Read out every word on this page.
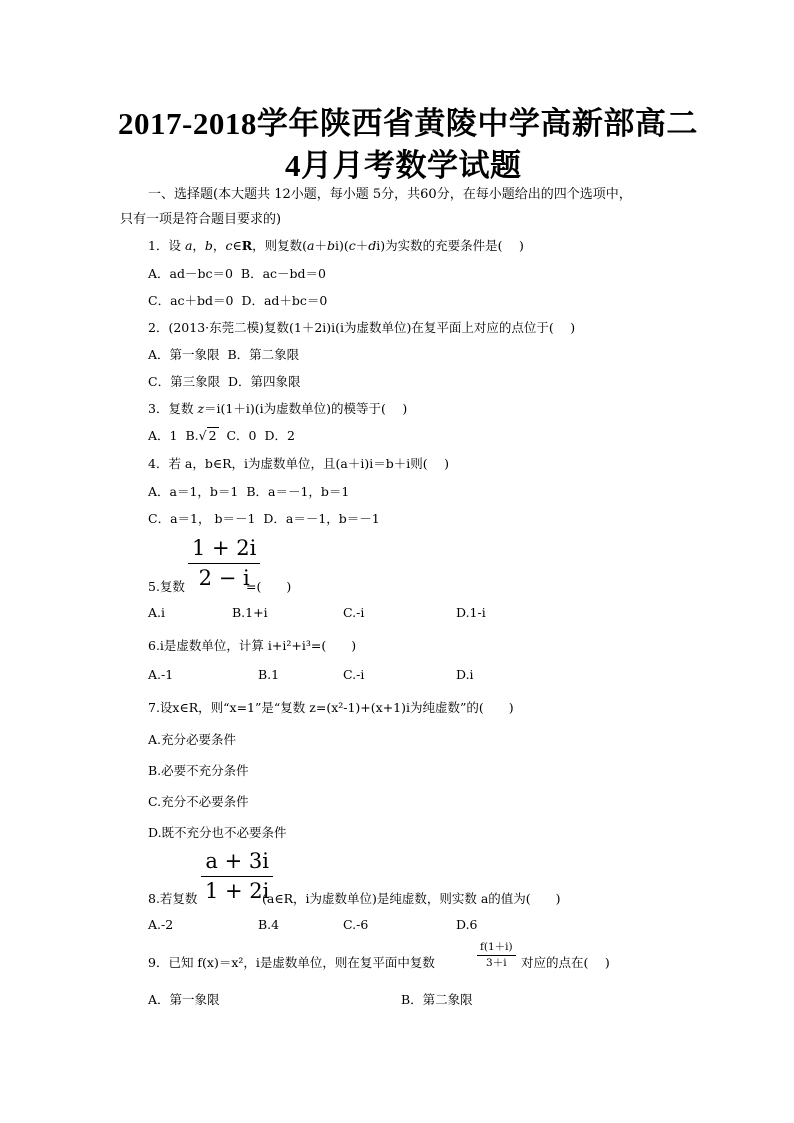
2017-2018学年陕西省黄陵中学高新部高二
4月月考数学试题
一、选择题(本大题共 12小题，每小题 5分，共60分，在每小题给出的四个选项中，
只有一项是符合题目要求的)
1．设 a，b，c∈R，则复数(a＋bi)(c＋di)为实数的充要条件是(　 )
A．ad－bc＝0 B．ac－bd＝0
C．ac＋bd＝0 D．ad＋bc＝0
2．(2013·东莞二模)复数(1＋2i)i(i为虚数单位)在复平面上对应的点位于(　 )
A．第一象限 B．第二象限
C．第三象限 D．第四象限
3．复数 z＝i(1＋i)(i为虚数单位)的模等于(　 )
A．1 B.√ 2 C．0 D．2
4．若 a，b∈R，i为虚数单位，且(a＋i)i＝b＋i则(　 )
A．a＝1，b＝1 B．a＝－1，b＝1
C．a＝1， b＝－1 D．a＝－1，b＝－1
$\frac{1 + 2i}{2 - i}$
5.复数	=(　　)
A.i	B.1+i	C.-i	D.1-i
6.i是虚数单位，计算 i+i²+i³=(　　)
A.-1	B.1	C.-i	D.i
7.设x∈R，则“x=1”是“复数 z=(x²-1)+(x+1)i为纯虚数”的(　　)
A.充分必要条件
B.必要不充分条件
C.充分不必要条件
D.既不充分也不必要条件
$\frac{a + 3i}{1 + 2i}$
8.若复数	(a∈R，i为虚数单位)是纯虚数，则实数 a的值为(　　)
A.-2	B.4	C.-6	D.6
9．已知 f(x)＝x²，i是虚数单位，则在复平面中复数	$\frac{f(1+i)}{3+i}$ 对应的点在(　 )
A．第一象限	B．第二象限
